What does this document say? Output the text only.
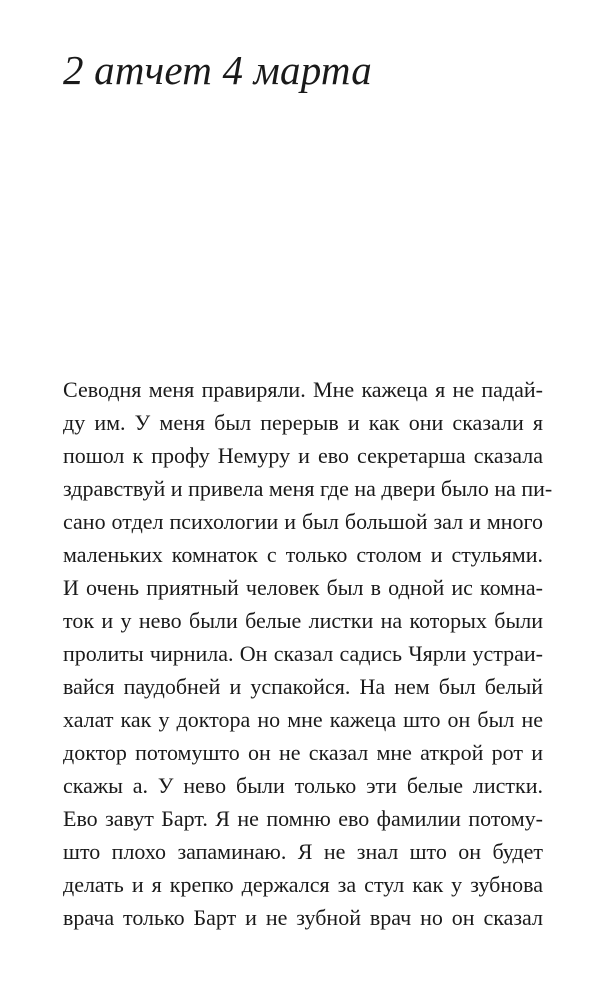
2 атчет 4 марта
Севодня меня правиряли. Мне кажеца я не падай-
ду им. У меня был перерыв и как они сказали я
пошол к профу Немуру и ево секретарша сказала
здравствуй и привела меня где на двери было на пи-
сано отдел психологии и был большой зал и много
маленьких комнаток с только столом и стульями.
И очень приятный человек был в одной ис комна-
ток и у нево были белые листки на которых были
пролиты чирнила. Он сказал садись Чярли устраи-
вайся паудобней и успакойся. На нем был белый
халат как у доктора но мне кажеца што он был не
доктор потомушто он не сказал мне аткрой рот и
скажы а. У нево были только эти белые листки.
Ево завут Барт. Я не помню ево фамилии потому-
што плохо запаминаю. Я не знал што он будет
делать и я крепко держался за стул как у зубнова
врача только Барт и не зубной врач но он сказал
